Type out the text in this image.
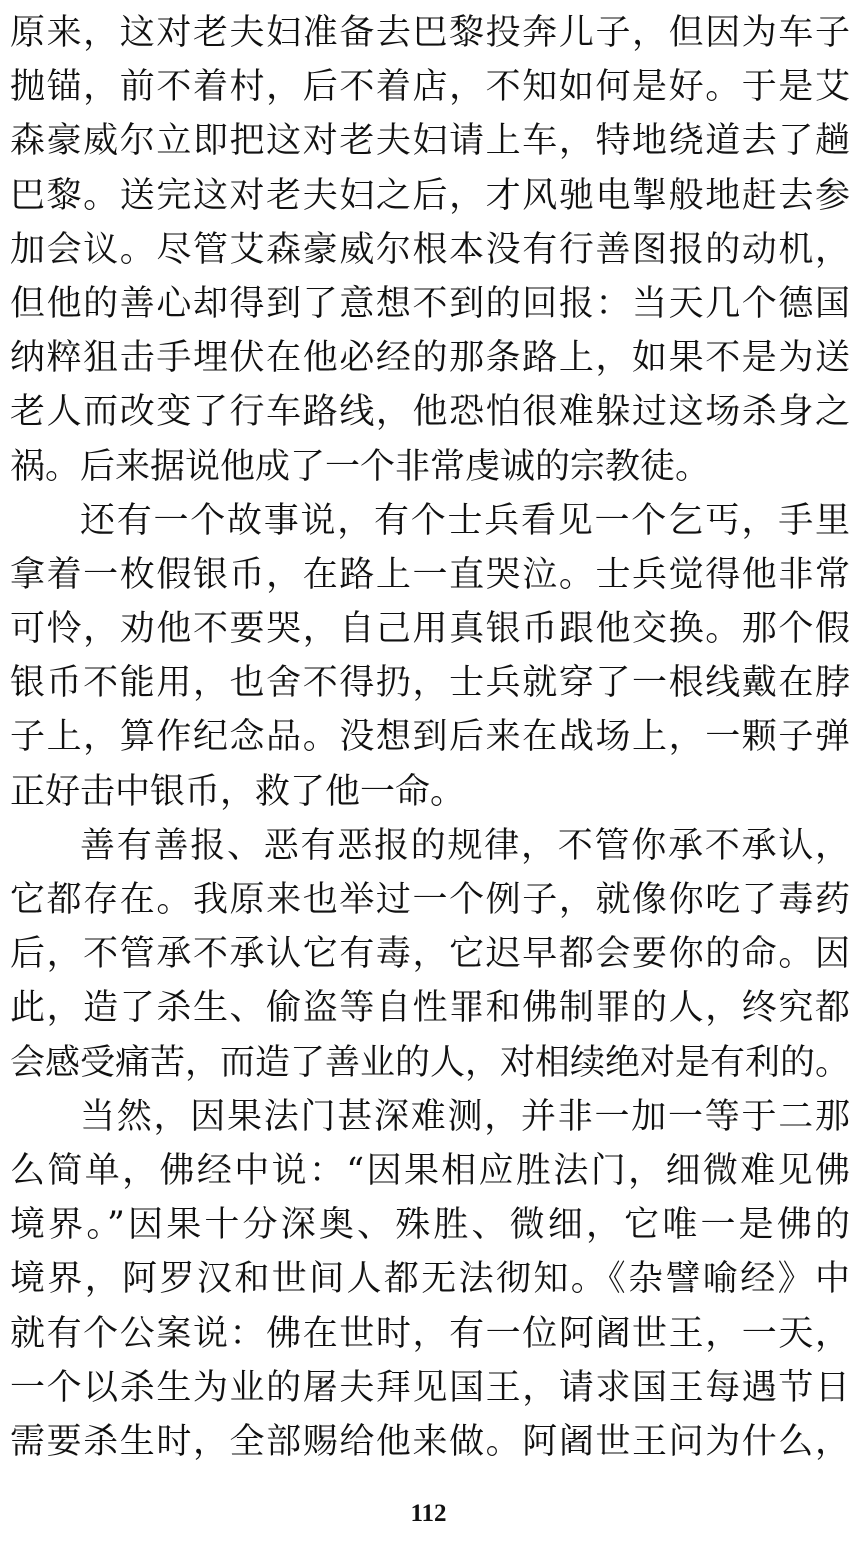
原来，这对老夫妇准备去巴黎投奔儿子，但因为车子
抛锚，前不着村，后不着店，不知如何是好。于是艾
森豪威尔立即把这对老夫妇请上车，特地绕道去了趟
巴黎。送完这对老夫妇之后，才风驰电掣般地赶去参
加会议。尽管艾森豪威尔根本没有行善图报的动机，
但他的善心却得到了意想不到的回报：当天几个德国
纳粹狙击手埋伏在他必经的那条路上，如果不是为送
老人而改变了行车路线，他恐怕很难躲过这场杀身之
祸。后来据说他成了一个非常虔诚的宗教徒。
还有一个故事说，有个士兵看见一个乞丐，手里
拿着一枚假银币，在路上一直哭泣。士兵觉得他非常
可怜，劝他不要哭，自己用真银币跟他交换。那个假
银币不能用，也舍不得扔，士兵就穿了一根线戴在脖
子上，算作纪念品。没想到后来在战场上，一颗子弹
正好击中银币，救了他一命。
善有善报、恶有恶报的规律，不管你承不承认，
它都存在。我原来也举过一个例子，就像你吃了毒药
后，不管承不承认它有毒，它迟早都会要你的命。因
此，造了杀生、偷盗等自性罪和佛制罪的人，终究都
会感受痛苦，而造了善业的人，对相续绝对是有利的。
当然，因果法门甚深难测，并非一加一等于二那
么简单，佛经中说：“因果相应胜法门，细微难见佛
境界。”因果十分深奥、殊胜、微细，它唯一是佛的
境界，阿罗汉和世间人都无法彻知。《杂譬喻经》中
就有个公案说：佛在世时，有一位阿阇世王，一天，
一个以杀生为业的屠夫拜见国王，请求国王每遇节日
需要杀生时，全部赐给他来做。阿阇世王问为什么，
112
